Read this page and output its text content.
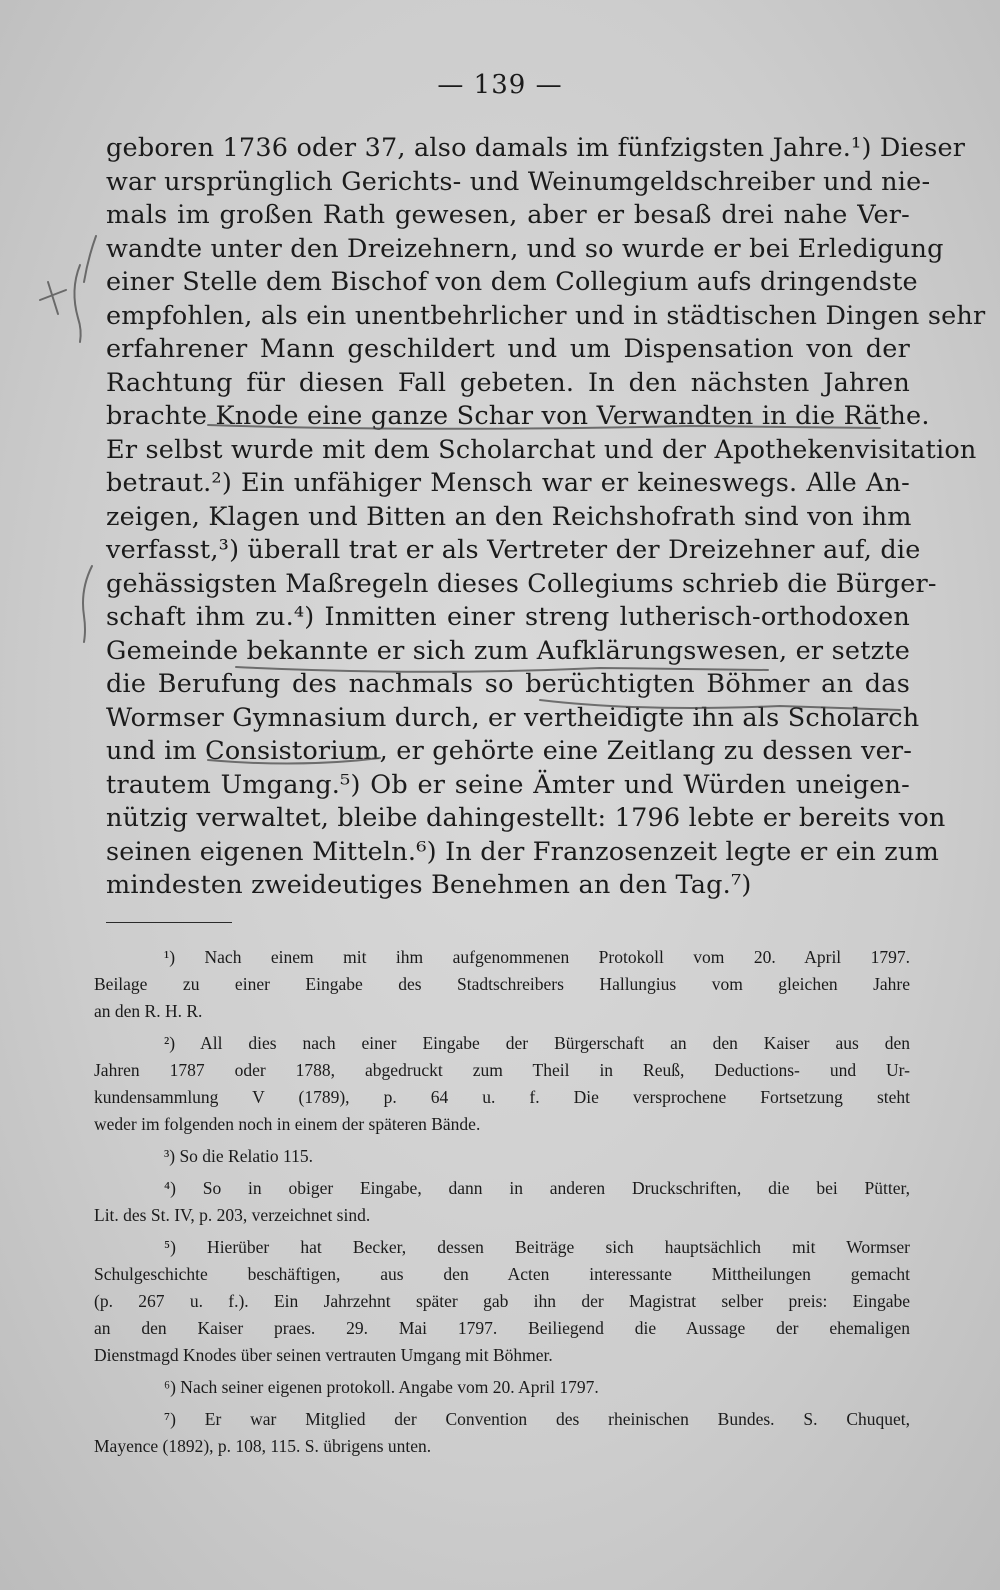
— 139 —
geboren 1736 oder 37, also damals im fünfzigsten Jahre.¹) Dieser
war ursprünglich Gerichts- und Weinumgeldschreiber und nie-
mals im großen Rath gewesen, aber er besaß drei nahe Ver-
wandte unter den Dreizehnern, und so wurde er bei Erledigung
einer Stelle dem Bischof von dem Collegium aufs dringendste
empfohlen, als ein unentbehrlicher und in städtischen Dingen sehr
erfahrener Mann geschildert und um Dispensation von der
Rachtung für diesen Fall gebeten. In den nächsten Jahren
brachte Knode eine ganze Schar von Verwandten in die Räthe.
Er selbst wurde mit dem Scholarchat und der Apothekenvisitation
betraut.²) Ein unfähiger Mensch war er keineswegs. Alle An-
zeigen, Klagen und Bitten an den Reichshofrath sind von ihm
verfasst,³) überall trat er als Vertreter der Dreizehner auf, die
gehässigsten Maßregeln dieses Collegiums schrieb die Bürger-
schaft ihm zu.⁴) Inmitten einer streng lutherisch-orthodoxen
Gemeinde bekannte er sich zum Aufklärungswesen, er setzte
die Berufung des nachmals so berüchtigten Böhmer an das
Wormser Gymnasium durch, er vertheidigte ihn als Scholarch
und im Consistorium, er gehörte eine Zeitlang zu dessen ver-
trautem Umgang.⁵) Ob er seine Ämter und Würden uneigen-
nützig verwaltet, bleibe dahingestellt: 1796 lebte er bereits von
seinen eigenen Mitteln.⁶) In der Franzosenzeit legte er ein zum
mindesten zweideutiges Benehmen an den Tag.⁷)
¹) Nach einem mit ihm aufgenommenen Protokoll vom 20. April 1797.
Beilage zu einer Eingabe des Stadtschreibers Hallungius vom gleichen Jahre
an den R. H. R.
²) All dies nach einer Eingabe der Bürgerschaft an den Kaiser aus den
Jahren 1787 oder 1788, abgedruckt zum Theil in Reuß, Deductions- und Ur-
kundensammlung V (1789), p. 64 u. f. Die versprochene Fortsetzung steht
weder im folgenden noch in einem der späteren Bände.
³) So die Relatio 115.
⁴) So in obiger Eingabe, dann in anderen Druckschriften, die bei Pütter,
Lit. des St. IV, p. 203, verzeichnet sind.
⁵) Hierüber hat Becker, dessen Beiträge sich hauptsächlich mit Wormser
Schulgeschichte beschäftigen, aus den Acten interessante Mittheilungen gemacht
(p. 267 u. f.). Ein Jahrzehnt später gab ihn der Magistrat selber preis: Eingabe
an den Kaiser praes. 29. Mai 1797. Beiliegend die Aussage der ehemaligen
Dienstmagd Knodes über seinen vertrauten Umgang mit Böhmer.
⁶) Nach seiner eigenen protokoll. Angabe vom 20. April 1797.
⁷) Er war Mitglied der Convention des rheinischen Bundes. S. Chuquet,
Mayence (1892), p. 108, 115. S. übrigens unten.
